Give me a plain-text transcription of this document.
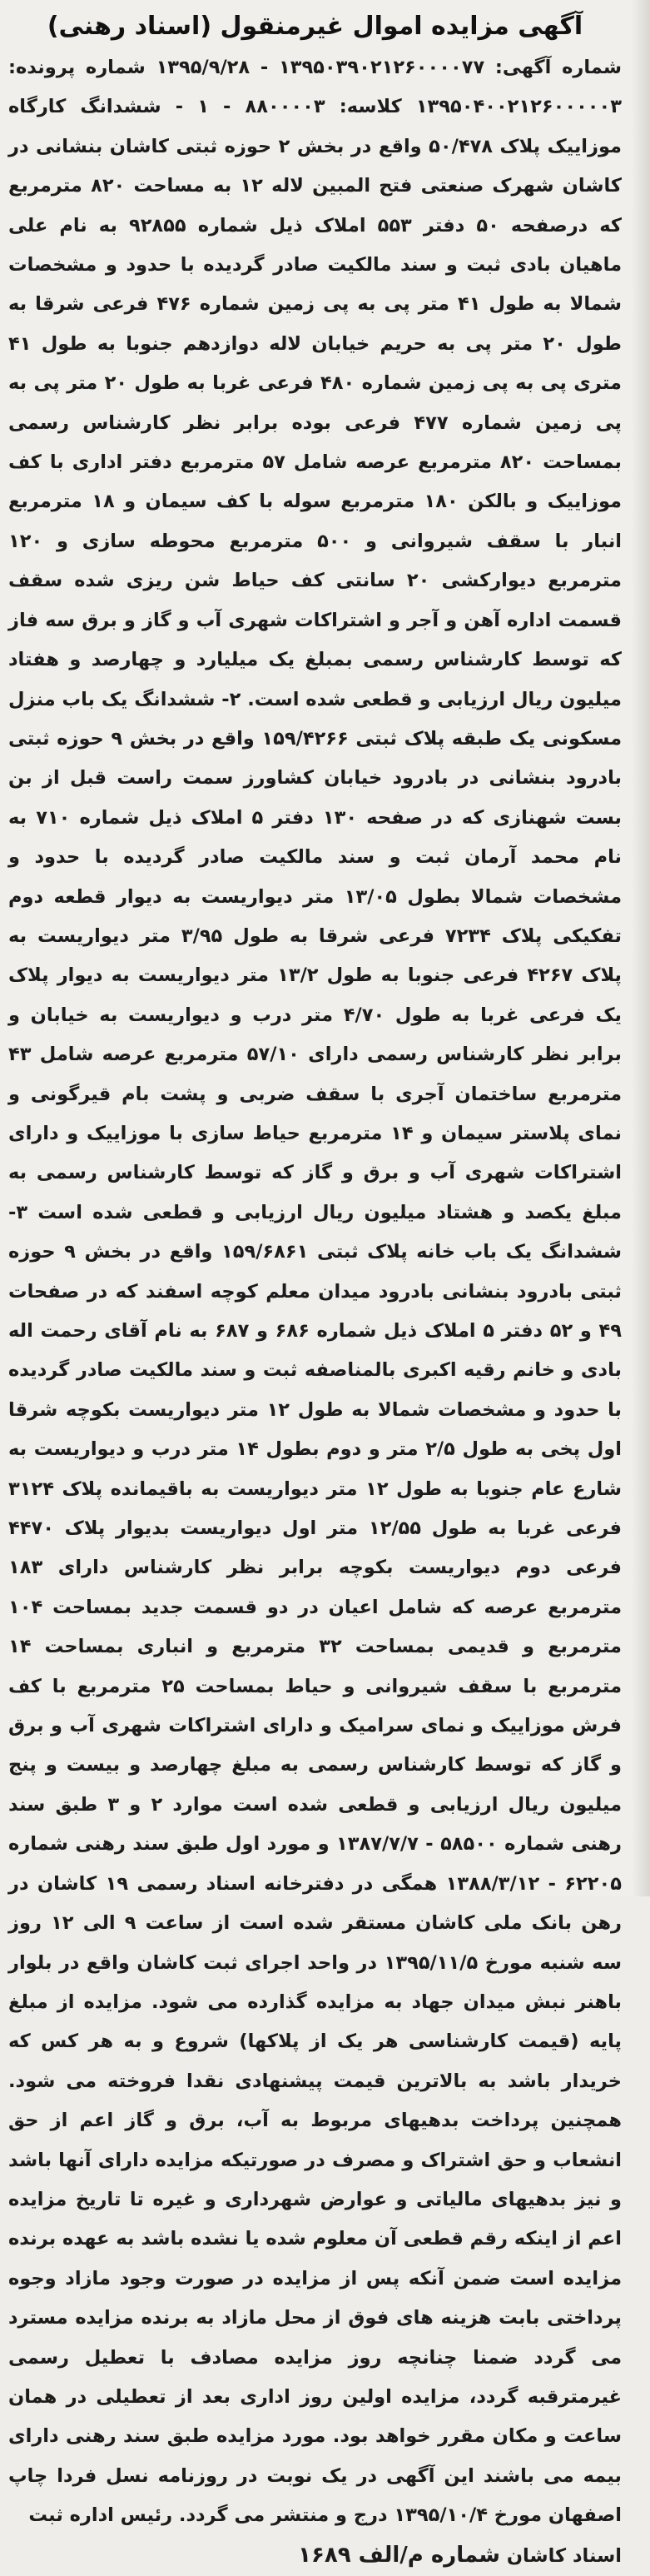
آگهی مزایده اموال غیرمنقول (اسناد رهنی)

شماره آگهی: ۱۳۹۵۰۳۹۰۲۱۲۶۰۰۰۰۷۷ - ۱۳۹۵/۹/۲۸ شماره پرونده: ۱۳۹۵۰۴۰۰۲۱۲۶۰۰۰۰۰۳ کلاسه: ۸۸۰۰۰۰۳ - ۱ - ششدانگ کارگاه موزاییک پلاک ۵۰/۴۷۸ واقع در بخش ۲ حوزه ثبتی کاشان بنشانی در کاشان شهرک صنعتی فتح المبین لاله ۱۲ به مساحت ۸۲۰ مترمربع که درصفحه ۵۰ دفتر ۵۵۳ املاک ذیل شماره ۹۲۸۵۵ به نام علی ماهیان بادی ثبت و سند مالکیت صادر گردیده با حدود و مشخصات شمالا به طول ۴۱ متر پی به پی زمین شماره ۴۷۶ فرعی شرقا به طول ۲۰ متر پی به حریم خیابان لاله دوازدهم جنوبا به طول ۴۱ متری پی به پی زمین شماره ۴۸۰ فرعی غربا به طول ۲۰ متر پی به پی زمین شماره ۴۷۷ فرعی بوده برابر نظر کارشناس رسمی بمساحت ۸۲۰ مترمربع عرصه شامل ۵۷ مترمربع دفتر اداری با کف موزاییک و بالکن ۱۸۰ مترمربع سوله با کف سیمان و ۱۸ مترمربع انبار با سقف شیروانی و ۵۰۰ مترمربع محوطه سازی و ۱۲۰ مترمربع دیوارکشی ۲۰ سانتی کف حیاط شن ریزی شده سقف قسمت اداره آهن و آجر و اشتراکات شهری آب و گاز و برق سه فاز که توسط کارشناس رسمی بمبلغ یک میلیارد و چهارصد و هفتاد میلیون ریال ارزیابی و قطعی شده است. ۲- ششدانگ یک باب منزل مسکونی یک طبقه پلاک ثبتی ۱۵۹/۴۲۶۶ واقع در بخش ۹ حوزه ثبتی بادرود بنشانی در بادرود خیابان کشاورز سمت راست قبل از بن بست شهنازی که در صفحه ۱۳۰ دفتر ۵ املاک ذیل شماره ۷۱۰ به نام محمد آرمان ثبت و سند مالکیت صادر گردیده با حدود و مشخصات شمالا بطول ۱۳/۰۵ متر دیواریست به دیوار قطعه دوم تفکیکی پلاک ۷۲۳۴ فرعی شرقا به طول ۳/۹۵ متر دیواریست به پلاک ۴۲۶۷ فرعی جنوبا به طول ۱۳/۲ متر دیواریست به دیوار پلاک یک فرعی غربا به طول ۴/۷۰ متر درب و دیواریست به خیابان و برابر نظر کارشناس رسمی دارای ۵۷/۱۰ مترمربع عرصه شامل ۴۳ مترمربع ساختمان آجری با سقف ضربی و پشت بام قیرگونی و نمای پلاستر سیمان و ۱۴ مترمربع حیاط سازی با موزاییک و دارای اشتراکات شهری آب و برق و گاز که توسط کارشناس رسمی به مبلغ یکصد و هشتاد میلیون ریال ارزیابی و قطعی شده است ۳- ششدانگ یک باب خانه پلاک ثبتی ۱۵۹/۶۸۶۱ واقع در بخش ۹ حوزه ثبتی بادرود بنشانی بادرود میدان معلم کوچه اسفند که در صفحات ۴۹ و ۵۲ دفتر ۵ املاک ذیل شماره ۶۸۶ و ۶۸۷ به نام آقای رحمت اله بادی و خانم رقیه اکبری بالمناصفه ثبت و سند مالکیت صادر گردیده با حدود و مشخصات شمالا به طول ۱۲ متر دیواریست بکوچه شرقا اول پخی به طول ۲/۵ متر و دوم بطول ۱۴ متر درب و دیواریست به شارع عام جنوبا به طول ۱۲ متر دیواریست به باقیمانده پلاک ۳۱۲۴ فرعی غربا به طول ۱۲/۵۵ متر اول دیواریست بدیوار پلاک ۴۴۷۰ فرعی دوم دیواریست بکوچه برابر نظر کارشناس دارای ۱۸۳ مترمربع عرصه که شامل اعیان در دو قسمت جدید بمساحت ۱۰۴ مترمربع و قدیمی بمساحت ۳۲ مترمربع و انباری بمساحت ۱۴ مترمربع با سقف شیروانی و حیاط بمساحت ۲۵ مترمربع با کف فرش موزاییک و نمای سرامیک و دارای اشتراکات شهری آب و برق و گاز که توسط کارشناس رسمی به مبلغ چهارصد و بیست و پنج میلیون ریال ارزیابی و قطعی شده است موارد ۲ و ۳ طبق سند رهنی شماره ۵۸۵۰۰ - ۱۳۸۷/۷/۷ و مورد اول طبق سند رهنی شماره ۶۲۲۰۵ - ۱۳۸۸/۳/۱۲ همگی در دفترخانه اسناد رسمی ۱۹ کاشان در رهن بانک ملی کاشان مستقر شده است از ساعت ۹ الی ۱۲ روز سه شنبه مورخ ۱۳۹۵/۱۱/۵ در واحد اجرای ثبت کاشان واقع در بلوار باهنر نبش میدان جهاد به مزایده گذارده می شود. مزایده از مبلغ پایه (قیمت کارشناسی هر یک از پلاکها) شروع و به هر کس که خریدار باشد به بالاترین قیمت پیشنهادی نقدا فروخته می شود. همچنین پرداخت بدهیهای مربوط به آب، برق و گاز اعم از حق انشعاب و حق اشتراک و مصرف در صورتیکه مزایده دارای آنها باشد و نیز بدهیهای مالیاتی و عوارض شهرداری و غیره تا تاریخ مزایده اعم از اینکه رقم قطعی آن معلوم شده یا نشده باشد به عهده برنده مزایده است ضمن آنکه پس از مزایده در صورت وجود مازاد وجوه پرداختی بابت هزینه های فوق از محل مازاد به برنده مزایده مسترد می گردد ضمنا چنانچه روز مزایده مصادف با تعطیل رسمی غیرمترقبه گردد، مزایده اولین روز اداری بعد از تعطیلی در همان ساعت و مکان مقرر خواهد بود. مورد مزایده طبق سند رهنی دارای بیمه می باشند این آگهی در یک نوبت در روزنامه نسل فردا چاپ اصفهان مورخ ۱۳۹۵/۱۰/۴ درج و منتشر می گردد. رئیس اداره ثبت

اسناد کاشان شماره م/الف ۱۶۸۹
